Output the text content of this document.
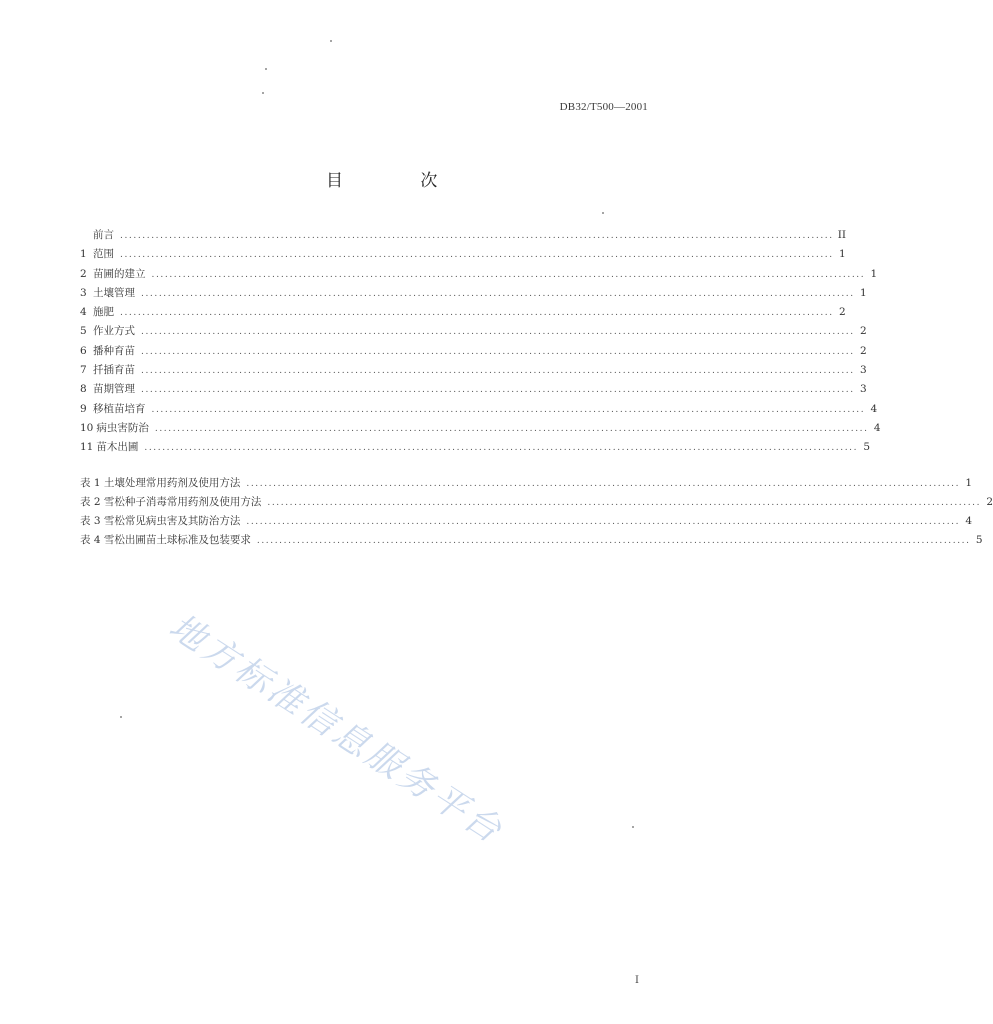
DB32/T500—2001
目 次
前言 ................................................................................................................................................................ II
1 范围 ................................................................................................................................................................ 1
2 苗圃的建立 ................................................................................................................................................................ 1
3 土壤管理 ................................................................................................................................................................ 1
4 施肥 ................................................................................................................................................................ 2
5 作业方式 ................................................................................................................................................................ 2
6 播种育苗 ................................................................................................................................................................ 2
7 扦插育苗 ................................................................................................................................................................ 3
8 苗期管理 ................................................................................................................................................................ 3
9 移植苗培育 ................................................................................................................................................................ 4
10 病虫害防治 ................................................................................................................................................................ 4
11 苗木出圃 ................................................................................................................................................................ 5
表 1 土壤处理常用药剂及使用方法 ................................................................................................................................................................ 1
表 2 雪松种子消毒常用药剂及使用方法 ................................................................................................................................................................ 2
表 3 雪松常见病虫害及其防治方法 ................................................................................................................................................................ 4
表 4 雪松出圃苗土球标准及包装要求 ................................................................................................................................................................ 5
地方标准信息服务平台
I
